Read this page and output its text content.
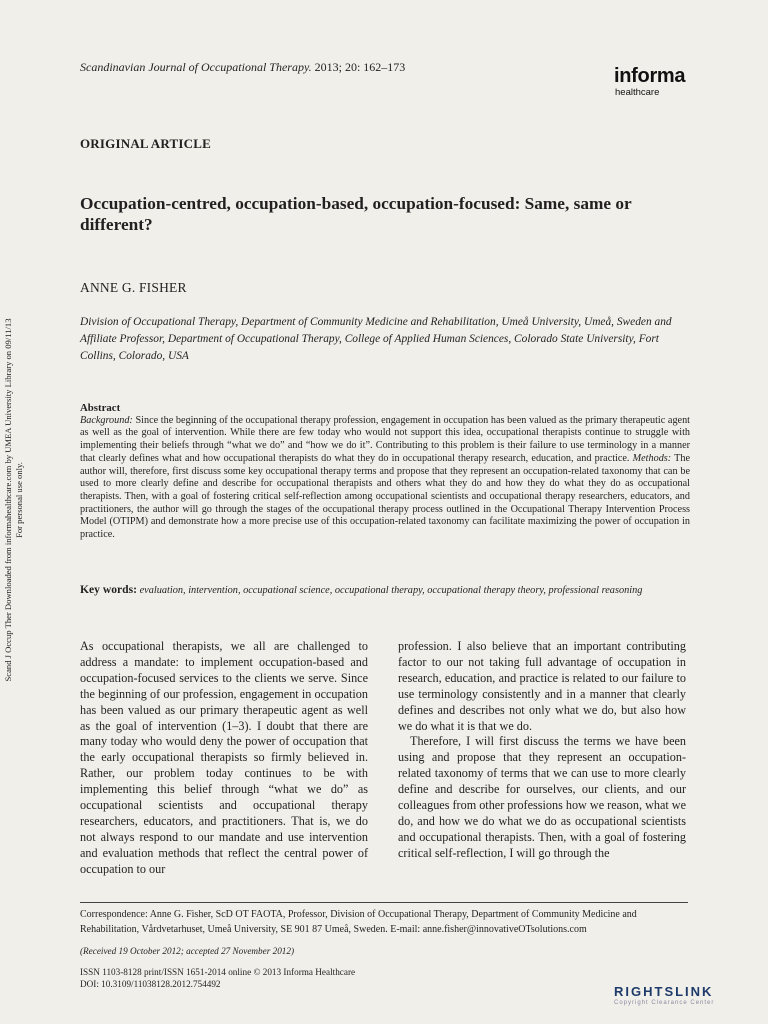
Scand J Occup Ther Downloaded from informahealthcare.com by UMEA University Library on 09/11/13 For personal use only.
Scandinavian Journal of Occupational Therapy. 2013; 20: 162–173	informa
healthcare
ORIGINAL ARTICLE
Occupation-centred, occupation-based, occupation-focused: Same, same or different?
ANNE G. FISHER
Division of Occupational Therapy, Department of Community Medicine and Rehabilitation, Umeå University, Umeå, Sweden and Affiliate Professor, Department of Occupational Therapy, College of Applied Human Sciences, Colorado State University, Fort Collins, Colorado, USA
Abstract
Background: Since the beginning of the occupational therapy profession, engagement in occupation has been valued as the primary therapeutic agent as well as the goal of intervention. While there are few today who would not support this idea, occupational therapists continue to struggle with implementing their beliefs through “what we do” and “how we do it”. Contributing to this problem is their failure to use terminology in a manner that clearly defines what and how occupational therapists do what they do in occupational therapy research, education, and practice. Methods: The author will, therefore, first discuss some key occupational therapy terms and propose that they represent an occupation-related taxonomy that can be used to more clearly define and describe for occupational therapists and others what they do and how they do what they do as occupational therapists. Then, with a goal of fostering critical self-reflection among occupational scientists and occupational therapy researchers, educators, and practitioners, the author will go through the stages of the occupational therapy process outlined in the Occupational Therapy Intervention Process Model (OTIPM) and demonstrate how a more precise use of this occupation-related taxonomy can facilitate maximizing the power of occupation in practice.
Key words: evaluation, intervention, occupational science, occupational therapy, occupational therapy theory, professional reasoning

As occupational therapists, we all are challenged to address a mandate: to implement occupation-based and occupation-focused services to the clients we serve. Since the beginning of our profession, engagement in occupation has been valued as our primary therapeutic agent as well as the goal of intervention (1–3). I doubt that there are many today who would deny the power of occupation that the early occupational therapists so firmly believed in. Rather, our problem today continues to be with implementing this belief through “what we do” as occupational scientists and occupational therapy researchers, educators, and practitioners. That is, we do not always respond to our mandate and use intervention and evaluation methods that reflect the central power of occupation to our

profession. I also believe that an important contributing factor to our not taking full advantage of occupation in research, education, and practice is related to our failure to use terminology consistently and in a manner that clearly defines and describes not only what we do, but also how we do what it is that we do.

Therefore, I will first discuss the terms we have been using and propose that they represent an occupation-related taxonomy of terms that we can use to more clearly define and describe for ourselves, our clients, and our colleagues from other professions how we reason, what we do, and how we do what we do as occupational scientists and occupational therapists. Then, with a goal of fostering critical self-reflection, I will go through the

Correspondence: Anne G. Fisher, ScD OT FAOTA, Professor, Division of Occupational Therapy, Department of Community Medicine and Rehabilitation, Vårdvetarhuset, Umeå University, SE 901 87 Umeå, Sweden. E-mail: anne.fisher@innovativeOTsolutions.com
(Received 19 October 2012; accepted 27 November 2012)
ISSN 1103-8128 print/ISSN 1651-2014 online © 2013 Informa Healthcare
DOI: 10.3109/11038128.2012.754492	RIGHTSLINK
Copyright Clearance Center
